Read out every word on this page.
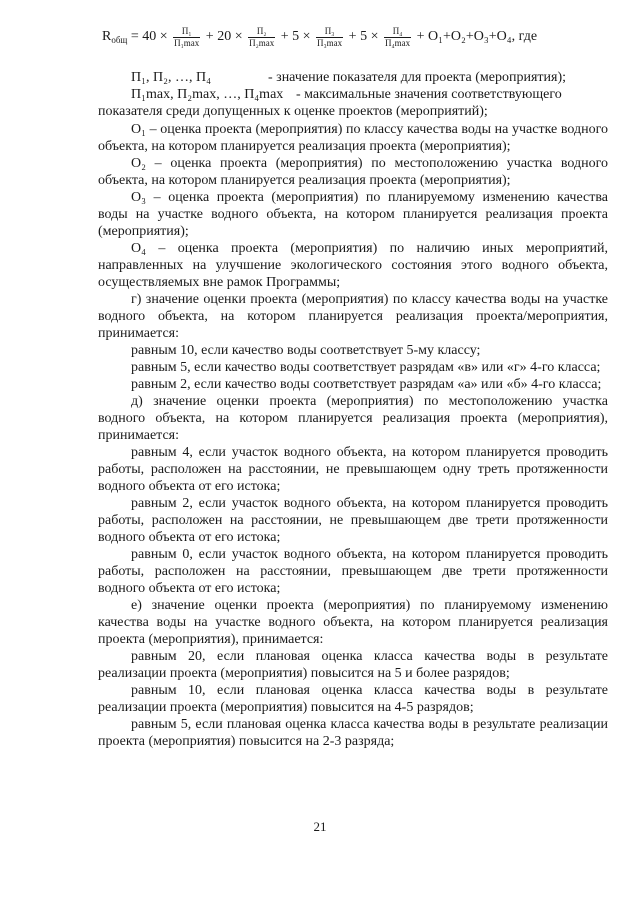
$R_{общ} = 40 \times \frac{\text{П₁}}{\text{П₁max}} + 20 \times \frac{\text{П₂}}{\text{П₂max}} + 5 \times \frac{\text{П₃}}{\text{П₃max}} + 5 \times \frac{\text{П₄}}{\text{П₄max}} + O_1+O_2+O_3+O_4$, где
П₁, П₂, …, П₄	- значение показателя для проекта (мероприятия);
П₁max, П₂max, …, П₄max - максимальные значения соответствующего
показателя среди допущенных к оценке проектов (мероприятий);

O₁ – оценка проекта (мероприятия) по классу качества воды на участке водного объекта, на котором планируется реализация проекта (мероприятия);

O₂ – оценка проекта (мероприятия) по местоположению участка водного объекта, на котором планируется реализация проекта (мероприятия);

O₃ – оценка проекта (мероприятия) по планируемому изменению качества воды на участке водного объекта, на котором планируется реализация проекта (мероприятия);

O₄ – оценка проекта (мероприятия) по наличию иных мероприятий, направленных на улучшение экологического состояния этого водного объекта, осуществляемых вне рамок Программы;

г) значение оценки проекта (мероприятия) по классу качества воды на участке водного объекта, на котором планируется реализация проекта/мероприятия, принимается:

равным 10, если качество воды соответствует 5-му классу;

равным 5, если качество воды соответствует разрядам «в» или «г» 4-го класса;

равным 2, если качество воды соответствует разрядам «а» или «б» 4-го класса;

д) значение оценки проекта (мероприятия) по местоположению участка водного объекта, на котором планируется реализация проекта (мероприятия), принимается:

равным 4, если участок водного объекта, на котором планируется проводить работы, расположен на расстоянии, не превышающем одну треть протяженности водного объекта от его истока;

равным 2, если участок водного объекта, на котором планируется проводить работы, расположен на расстоянии, не превышающем две трети протяженности водного объекта от его истока;

равным 0, если участок водного объекта, на котором планируется проводить работы, расположен на расстоянии, превышающем две трети протяженности водного объекта от его истока;

е) значение оценки проекта (мероприятия) по планируемому изменению качества воды на участке водного объекта, на котором планируется реализация проекта (мероприятия), принимается:

равным 20, если плановая оценка класса качества воды в результате реализации проекта (мероприятия) повысится на 5 и более разрядов;

равным 10, если плановая оценка класса качества воды в результате реализации проекта (мероприятия) повысится на 4-5 разрядов;

равным 5, если плановая оценка класса качества воды в результате реализации проекта (мероприятия) повысится на 2-3 разряда;

21
